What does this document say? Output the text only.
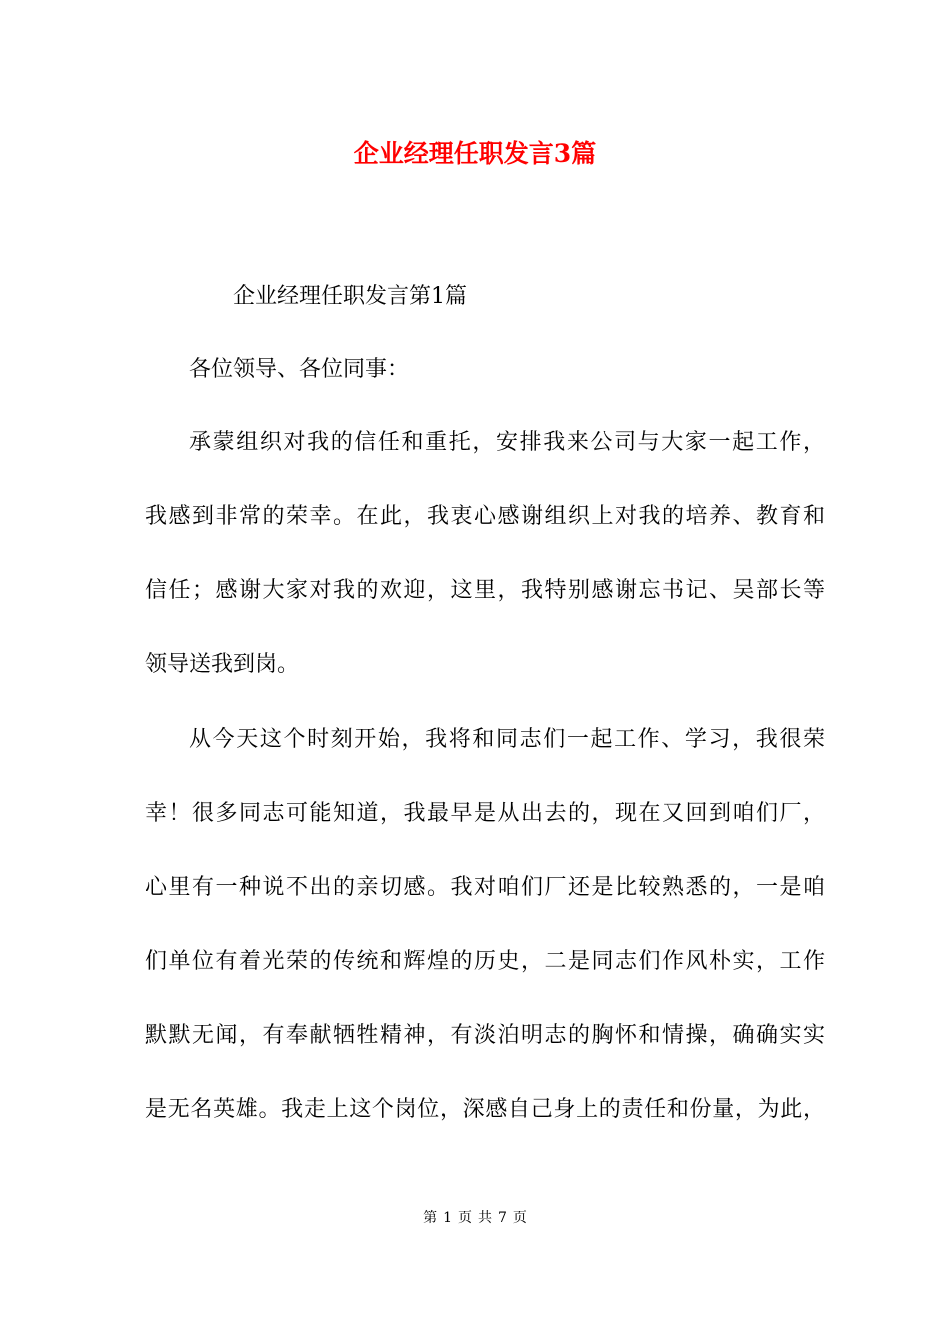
企业经理任职发言3篇
企业经理任职发言第1篇
各位领导、各位同事：
承蒙组织对我的信任和重托，安排我来公司与大家一起工作，
我感到非常的荣幸。在此，我衷心感谢组织上对我的培养、教育和
信任；感谢大家对我的欢迎，这里，我特别感谢忘书记、吴部长等
领导送我到岗。
从今天这个时刻开始，我将和同志们一起工作、学习，我很荣
幸！很多同志可能知道，我最早是从出去的，现在又回到咱们厂，
心里有一种说不出的亲切感。我对咱们厂还是比较熟悉的，一是咱
们单位有着光荣的传统和辉煌的历史，二是同志们作风朴实，工作
默默无闻，有奉献牺牲精神，有淡泊明志的胸怀和情操，确确实实
是无名英雄。我走上这个岗位，深感自己身上的责任和份量，为此，
第 1 页 共 7 页
